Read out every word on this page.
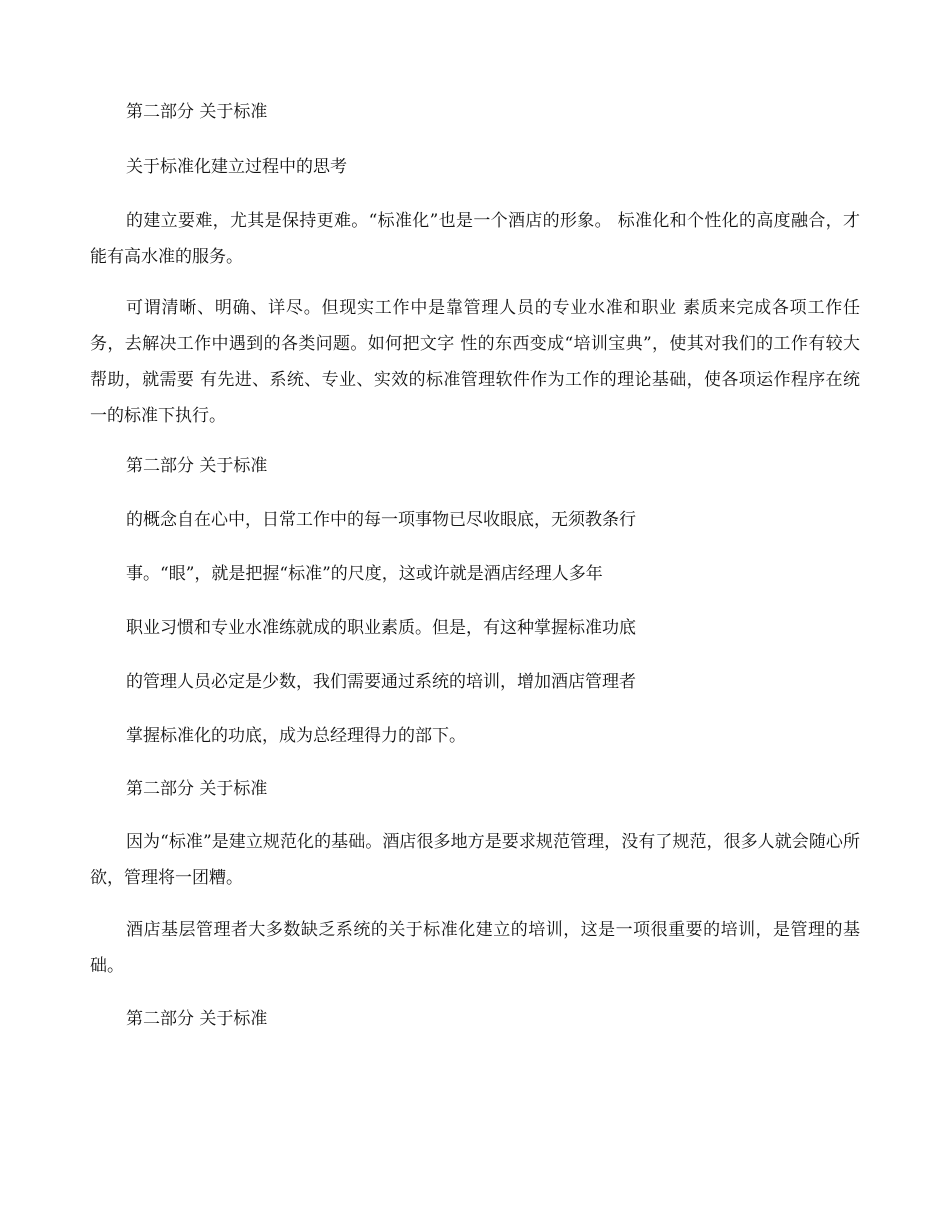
第二部分 关于标准

关于标准化建立过程中的思考

的建立要难，尤其是保持更难。“标准化”也是一个酒店的形象。 标准化和个性化的高度融合，才能有高水准的服务。

可谓清晰、明确、详尽。但现实工作中是靠管理人员的专业水准和职业 素质来完成各项工作任务，去解决工作中遇到的各类问题。如何把文字 性的东西变成“培训宝典”，使其对我们的工作有较大帮助，就需要 有先进、系统、专业、实效的标准管理软件作为工作的理论基础，使各项运作程序在统一的标准下执行。

第二部分 关于标准

的概念自在心中，日常工作中的每一项事物已尽收眼底，无须教条行

事。“眼”，就是把握“标准”的尺度，这或许就是酒店经理人多年

职业习惯和专业水准练就成的职业素质。但是，有这种掌握标准功底

的管理人员必定是少数，我们需要通过系统的培训，增加酒店管理者

掌握标准化的功底，成为总经理得力的部下。

第二部分 关于标准

因为“标准”是建立规范化的基础。酒店很多地方是要求规范管理，没有了规范，很多人就会随心所欲，管理将一团糟。

酒店基层管理者大多数缺乏系统的关于标准化建立的培训，这是一项很重要的培训，是管理的基础。

第二部分 关于标准
